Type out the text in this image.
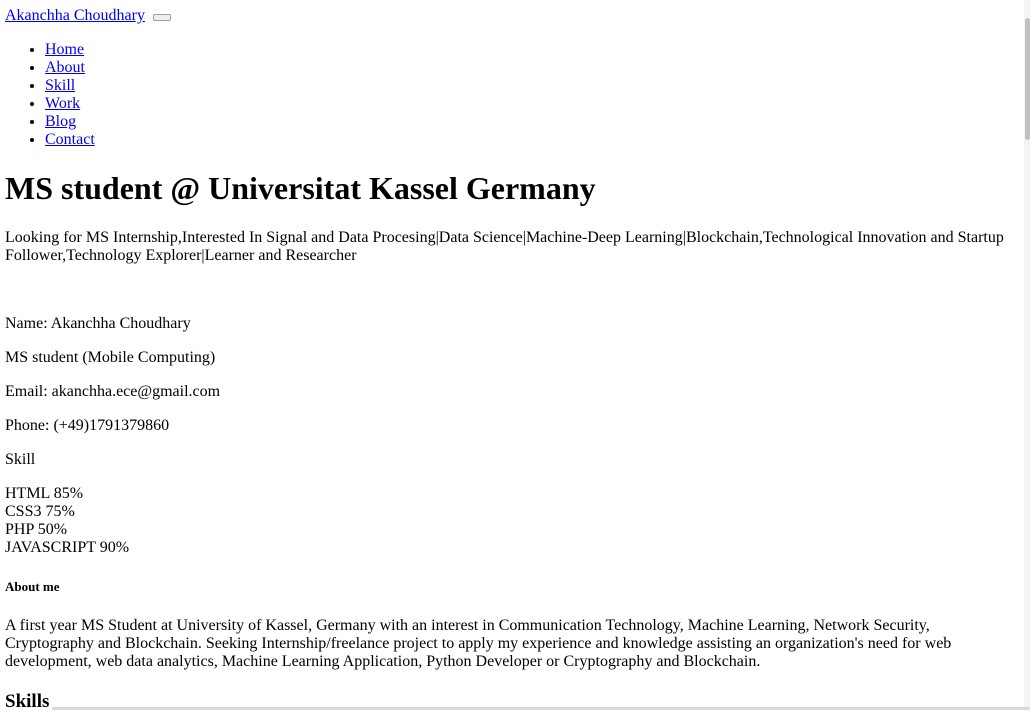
Akanchha Choudhary
• Home
• About
• Skill
• Work
• Blog
• Contact
MS student @ Universitat Kassel Germany

Looking for MS Internship,Interested In Signal and Data Procesing|Data Science|Machine-Deep Learning|Blockchain,Technological Innovation and Startup Follower,Technology Explorer|Learner and Researcher

Name: Akanchha Choudhary

MS student (Mobile Computing)

Email: akanchha.ece@gmail.com

Phone: (+49)1791379860

Skill

HTML 85%
CSS3 75%
PHP 50%
JAVASCRIPT 90%
About me

A first year MS Student at University of Kassel, Germany with an interest in Communication Technology, Machine Learning, Network Security, Cryptography and Blockchain. Seeking Internship/freelance project to apply my experience and knowledge assisting an organization's need for web development, web data analytics, Machine Learning Application, Python Developer or Cryptography and Blockchain.

Skills
